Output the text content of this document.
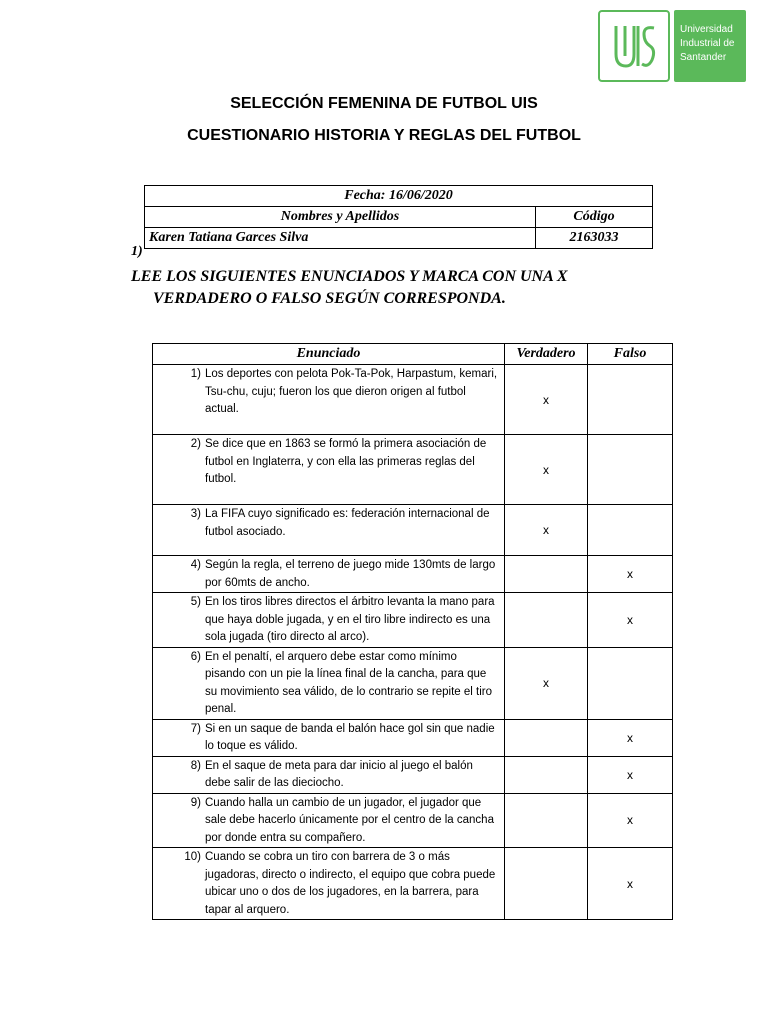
Universidad
Industrial de
Santander
SELECCIÓN FEMENINA DE FUTBOL UIS
CUESTIONARIO HISTORIA Y REGLAS DEL FUTBOL
Fecha: 16/06/2020	
Nombres y Apellidos	Código
Karen Tatiana Garces Silva	2163033
1)
LEE LOS SIGUIENTES ENUNCIADOS Y MARCA CON UNA X
VERDADERO O FALSO SEGÚN CORRESPONDA.
Enunciado	Verdadero	Falso

1) Los deportes con pelota Pok-Ta-Pok, Harpastum, kemari, Tsu-chu, cuju; fueron los que dieron origen al futbol actual.	x	

2) Se dice que en 1863 se formó la primera asociación de futbol en Inglaterra, y con ella las primeras reglas del futbol.	x	

3) La FIFA cuyo significado es: federación internacional de futbol asociado.	x	

4) Según la regla, el terreno de juego mide 130mts de largo por 60mts de ancho.		x

5) En los tiros libres directos el árbitro levanta la mano para que haya doble jugada, y en el tiro libre indirecto es una sola jugada (tiro directo al arco).		x

6) En el penaltí, el arquero debe estar como mínimo pisando con un pie la línea final de la cancha, para que su movimiento sea válido, de lo contrario se repite el tiro penal.	x	

7) Si en un saque de banda el balón hace gol sin que nadie lo toque es válido.		x

8) En el saque de meta para dar inicio al juego el balón debe salir de las dieciocho.		x

9) Cuando halla un cambio de un jugador, el jugador que sale debe hacerlo únicamente por el centro de la cancha por donde entra su compañero.		x

10) Cuando se cobra un tiro con barrera de 3 o más jugadoras, directo o indirecto, el equipo que cobra puede ubicar uno o dos de los jugadores, en la barrera, para tapar al arquero.		x
